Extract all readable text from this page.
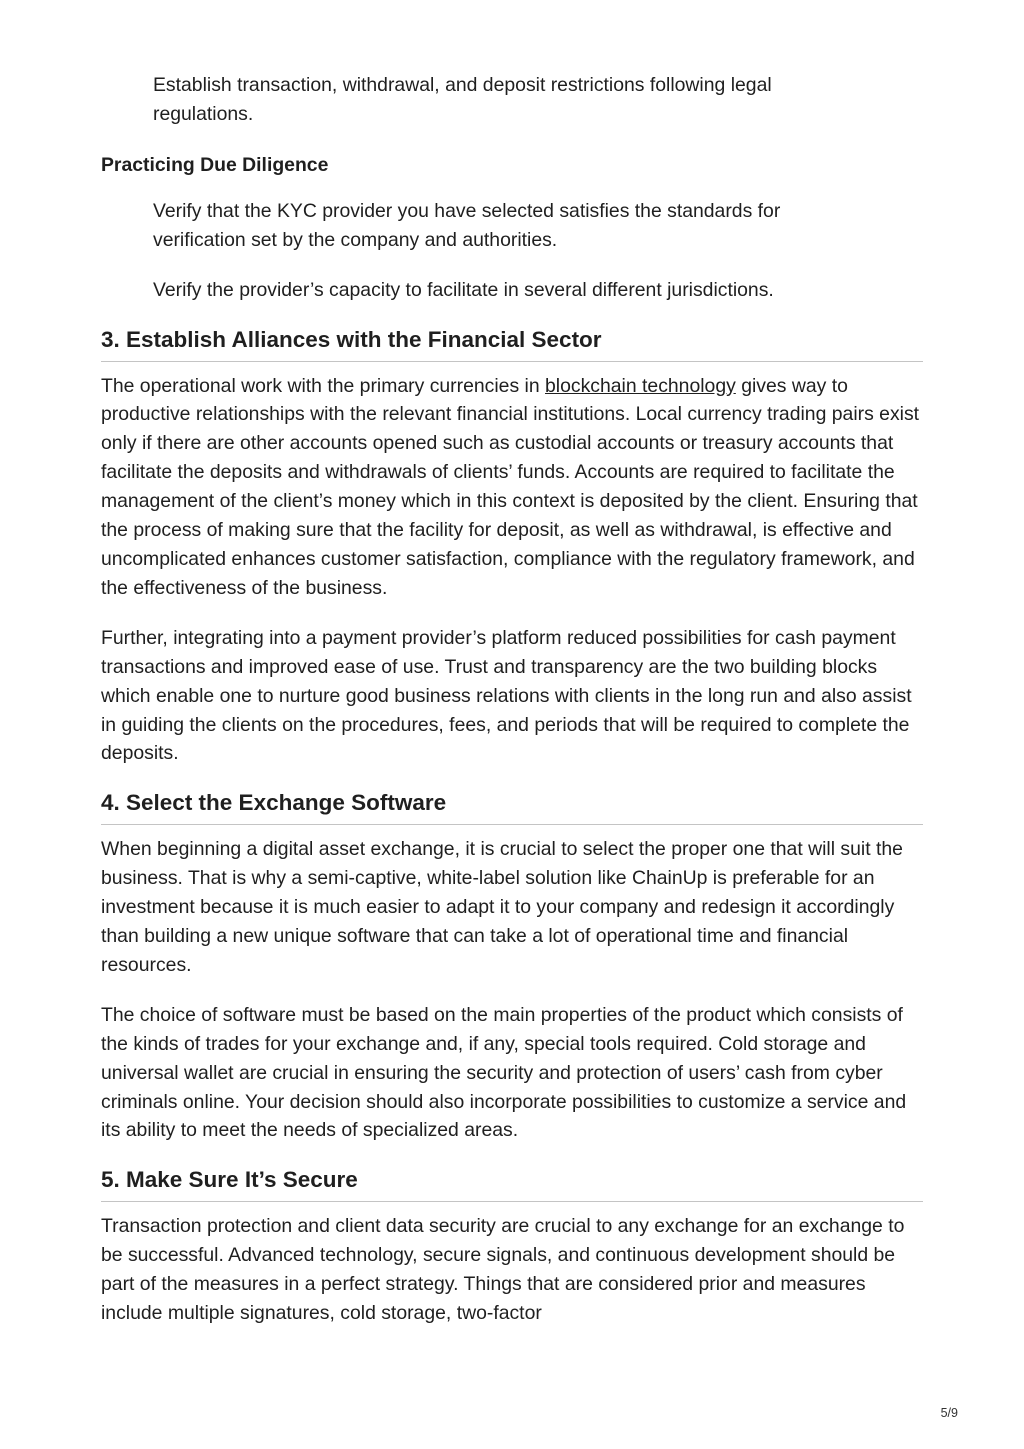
Establish transaction, withdrawal, and deposit restrictions following legal regulations.

Practicing Due Diligence

Verify that the KYC provider you have selected satisfies the standards for verification set by the company and authorities.

Verify the provider’s capacity to facilitate in several different jurisdictions.

3. Establish Alliances with the Financial Sector

The operational work with the primary currencies in blockchain technology gives way to productive relationships with the relevant financial institutions. Local currency trading pairs exist only if there are other accounts opened such as custodial accounts or treasury accounts that facilitate the deposits and withdrawals of clients’ funds. Accounts are required to facilitate the management of the client’s money which in this context is deposited by the client. Ensuring that the process of making sure that the facility for deposit, as well as withdrawal, is effective and uncomplicated enhances customer satisfaction, compliance with the regulatory framework, and the effectiveness of the business.

Further, integrating into a payment provider’s platform reduced possibilities for cash payment transactions and improved ease of use. Trust and transparency are the two building blocks which enable one to nurture good business relations with clients in the long run and also assist in guiding the clients on the procedures, fees, and periods that will be required to complete the deposits.

4. Select the Exchange Software

When beginning a digital asset exchange, it is crucial to select the proper one that will suit the business. That is why a semi-captive, white-label solution like ChainUp is preferable for an investment because it is much easier to adapt it to your company and redesign it accordingly than building a new unique software that can take a lot of operational time and financial resources.

The choice of software must be based on the main properties of the product which consists of the kinds of trades for your exchange and, if any, special tools required. Cold storage and universal wallet are crucial in ensuring the security and protection of users’ cash from cyber criminals online. Your decision should also incorporate possibilities to customize a service and its ability to meet the needs of specialized areas.

5. Make Sure It’s Secure

Transaction protection and client data security are crucial to any exchange for an exchange to be successful. Advanced technology, secure signals, and continuous development should be part of the measures in a perfect strategy. Things that are considered prior and measures include multiple signatures, cold storage, two-factor

5/9
